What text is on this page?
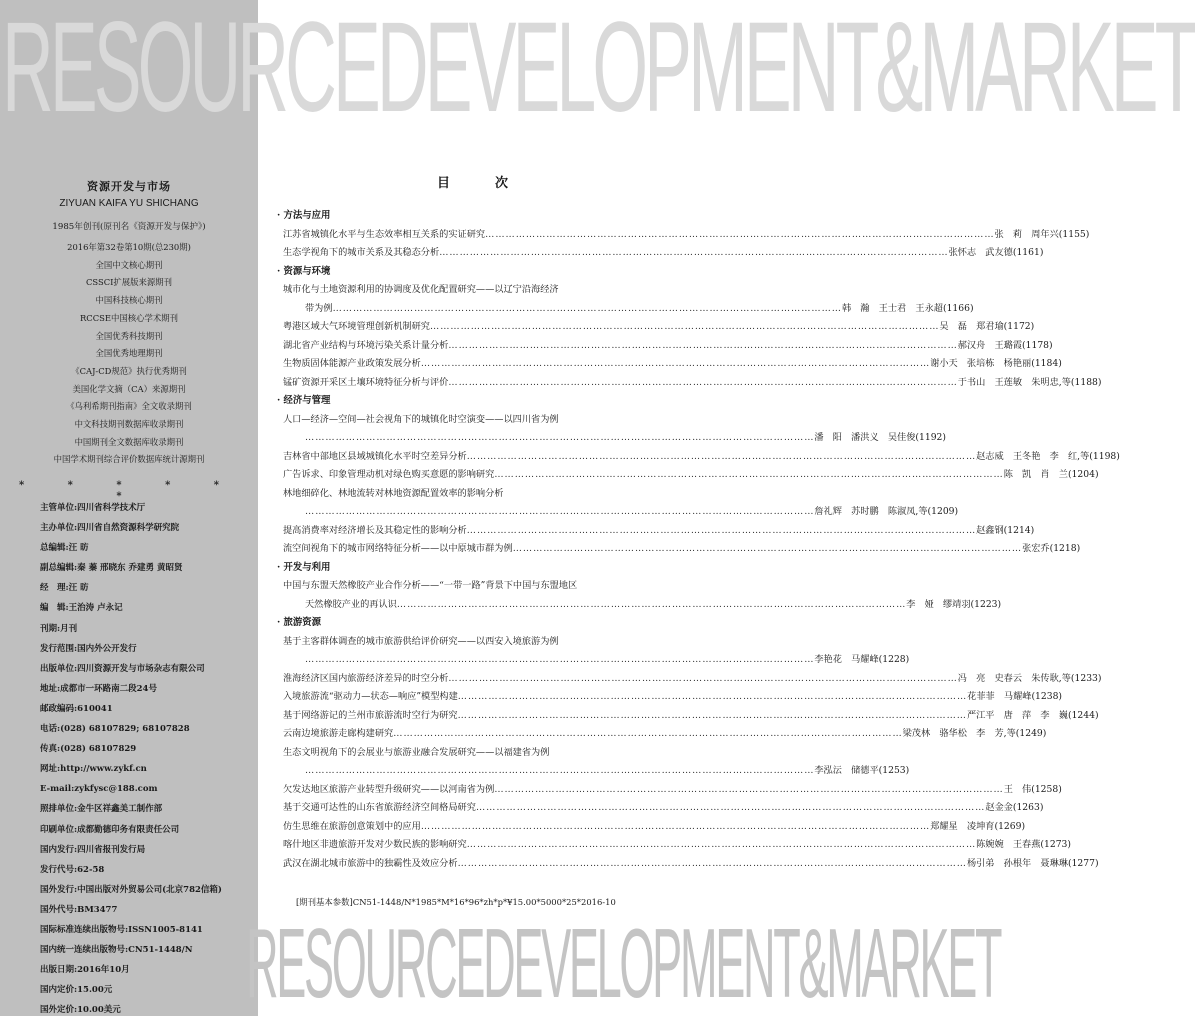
RESOURCEDEVELOPMENT&MARKET
资源开发与市场
ZIYUAN KAIFA YU SHICHANG
1985年创刊(原刊名《资源开发与保护》)
2016年第32卷第10期(总230期)
全国中文核心期刊
CSSCI扩展版来源期刊
中国科技核心期刊
RCCSE中国核心学术期刊
全国优秀科技期刊
全国优秀地理期刊
《CAJ-CD规范》执行优秀期刊
美国化学文摘（CA）来源期刊
《乌利希期刊指南》全文收录期刊
中文科技期刊数据库收录期刊
中国期刊全文数据库收录期刊
中国学术期刊综合评价数据库统计源期刊
* * * * * *
主管单位:四川省科学技术厅
主办单位:四川省自然资源科学研究院
总编辑:汪 昉
副总编辑:秦 蓁 邢晓东 乔建勇 黄昭贤
经　理:汪 昉
编　辑:王治涛 卢永记
刊期:月刊
发行范围:国内外公开发行
出版单位:四川资源开发与市场杂志有限公司
地址:成都市一环路南二段24号
邮政编码:610041
电话:(028) 68107829; 68107828
传真:(028) 68107829
网址:http://www.zykf.cn
E-mail:zykfysc@188.com
照排单位:金牛区祥鑫美工制作部
印刷单位:成都勤德印务有限责任公司
国内发行:四川省报刊发行局
发行代号:62-58
国外发行:中国出版对外贸易公司(北京782信箱)
国外代号:BM3477
国际标准连续出版物号:ISSN1005-8141
国内统一连续出版物号:CN51-1448/N
出版日期:2016年10月
国内定价:15.00元
国外定价:10.00美元
目　次
· 方法与应用
江苏省城镇化水平与生态效率相互关系的实证研究 ……………………………………………………………………………………………………………………………………	张　莉　周年兴(1155)
生态学视角下的城市关系及其稳态分析 ……………………………………………………………………………………………………………………………………	张怀志　武友德(1161)
· 资源与环境
城市化与土地资源利用的协调度及优化配置研究——以辽宁沿海经济
带为例 ……………………………………………………………………………………………………………………………………	韩　瀚　王士君　王永超(1166)
粤港区域大气环境管理创新机制研究 ……………………………………………………………………………………………………………………………………	吴　磊　郑君瑜(1172)
湖北省产业结构与环境污染关系计量分析 ……………………………………………………………………………………………………………………………………	郝汉舟　王璐霞(1178)
生物质固体能源产业政策发展分析 ……………………………………………………………………………………………………………………………………	谢小天　张培栋　杨艳丽(1184)
锰矿资源开采区土壤环境特征分析与评价 ……………………………………………………………………………………………………………………………………	于书山　王莲敏　朱明忠,等(1188)
· 经济与管理
人口—经济—空间—社会视角下的城镇化时空演变——以四川省为例
……………………………………………………………………………………………………………………………………
潘　阳　潘洪义　吴佳俊(1192)
吉林省中部地区县域城镇化水平时空差异分析 ……………………………………………………………………………………………………………………………………	赵志威　王冬艳　李　红,等(1198)
广告诉求、印象管理动机对绿色购买意愿的影响研究 ……………………………………………………………………………………………………………………………………	陈　凯　肖　兰(1204)
林地细碎化、林地流转对林地资源配置效率的影响分析
……………………………………………………………………………………………………………………………………
詹礼辉　苏时鹏　陈淑凤,等(1209)
提高消费率对经济增长及其稳定性的影响分析 ……………………………………………………………………………………………………………………………………	赵鑫钢(1214)
流空间视角下的城市网络特征分析——以中原城市群为例 ……………………………………………………………………………………………………………………………………	张宏乔(1218)
· 开发与利用
中国与东盟天然橡胶产业合作分析——“一带一路”背景下中国与东盟地区
天然橡胶产业的再认识 ……………………………………………………………………………………………………………………………………	李　娅　缪靖羽(1223)
· 旅游资源
基于主客群体调查的城市旅游供给评价研究——以西安入境旅游为例
……………………………………………………………………………………………………………………………………
李艳花　马耀峰(1228)
淮海经济区国内旅游经济差异的时空分析 ……………………………………………………………………………………………………………………………………	冯　亮　史春云　朱传耿,等(1233)
入境旅游流“驱动力—状态—响应”模型构建 ……………………………………………………………………………………………………………………………………	花菲菲　马耀峰(1238)
基于网络游记的兰州市旅游流时空行为研究 ……………………………………………………………………………………………………………………………………	严江平　唐　萍　李　巍(1244)
云南边境旅游走廊构建研究 ……………………………………………………………………………………………………………………………………	梁茂林　骆华松　李　芳,等(1249)
生态文明视角下的会展业与旅游业融合发展研究——以福建省为例
……………………………………………………………………………………………………………………………………
李泓沄　储德平(1253)
欠发达地区旅游产业转型升级研究——以河南省为例 ……………………………………………………………………………………………………………………………………	王　伟(1258)
基于交通可达性的山东省旅游经济空间格局研究 ……………………………………………………………………………………………………………………………………	赵金金(1263)
仿生思维在旅游创意策划中的应用 ……………………………………………………………………………………………………………………………………	郑耀星　凌坤育(1269)
喀什地区非遗旅游开发对少数民族的影响研究 ……………………………………………………………………………………………………………………………………	陈婉婉　王春燕(1273)
武汉在湖北城市旅游中的独霸性及效应分析 ……………………………………………………………………………………………………………………………………	杨引弟　孙根年　聂琳琳(1277)
[期刊基本参数]CN51-1448/N*1985*M*16*96*zh*p*¥15.00*5000*25*2016-10
RESOURCEDEVELOPMENT&MARKET
